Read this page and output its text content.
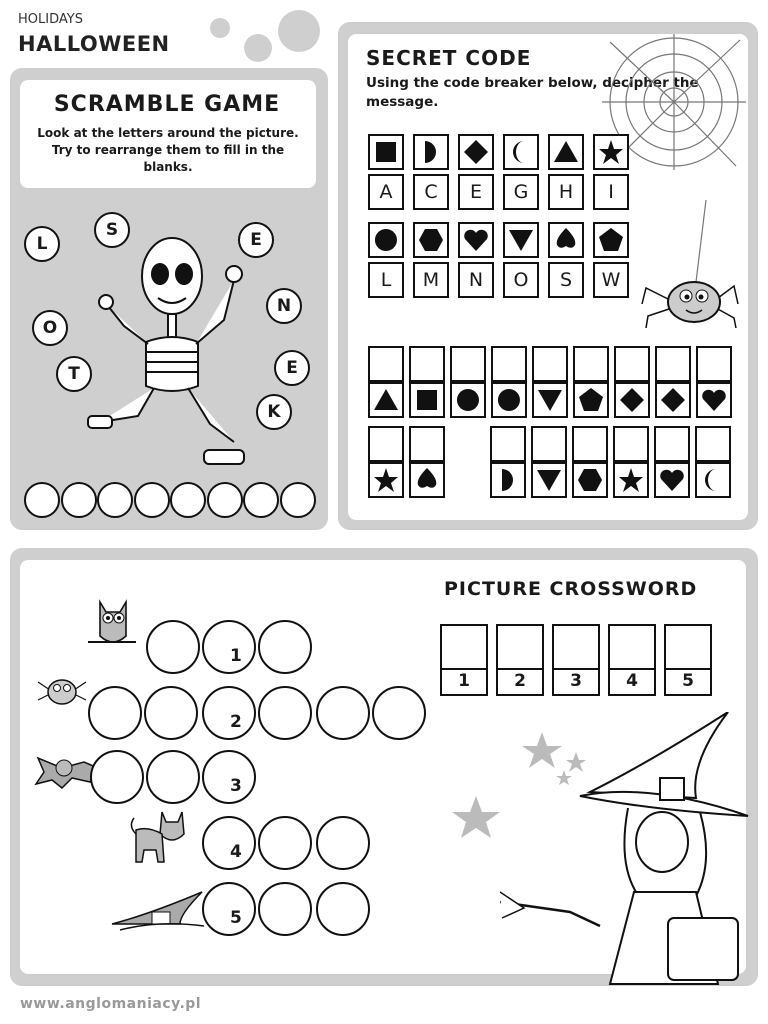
HOLIDAYS
HALLOWEEN
SCRAMBLE GAME
Look at the letters around the picture. Try to rearrange them to fill in the blanks.
L
S	E
N
O
T	E
K
SECRET CODE
Using the code breaker below, decipher the message.
A	C	E	G	H	I
L	M	N	O	S	W
PICTURE CROSSWORD
1	2	3	4	5
1
2
3
4
5
www.anglomaniacy.pl
